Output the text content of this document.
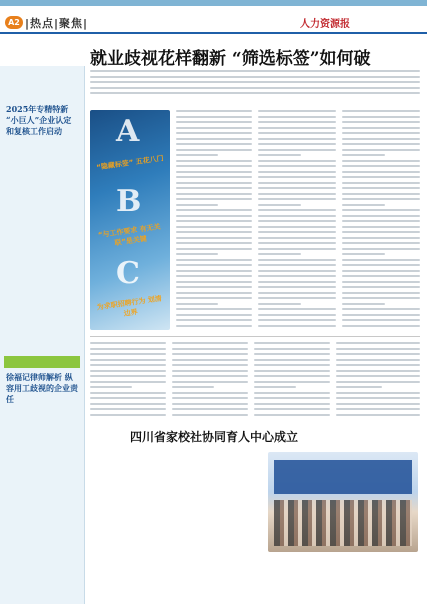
A2 |热点|聚焦|	人力资源报
就业歧视花样翻新 “筛选标签”如何破
2025年专精特新 “小巨人”企业认定 和复核工作启动
徐福记律师解析 纵容用工歧视的企业责任
A
“隐藏标签” 五花八门
B
“与工作要求 有无关联”是关键
C
为求职招聘行为 划清边界
四川省家校社协同育人中心成立
